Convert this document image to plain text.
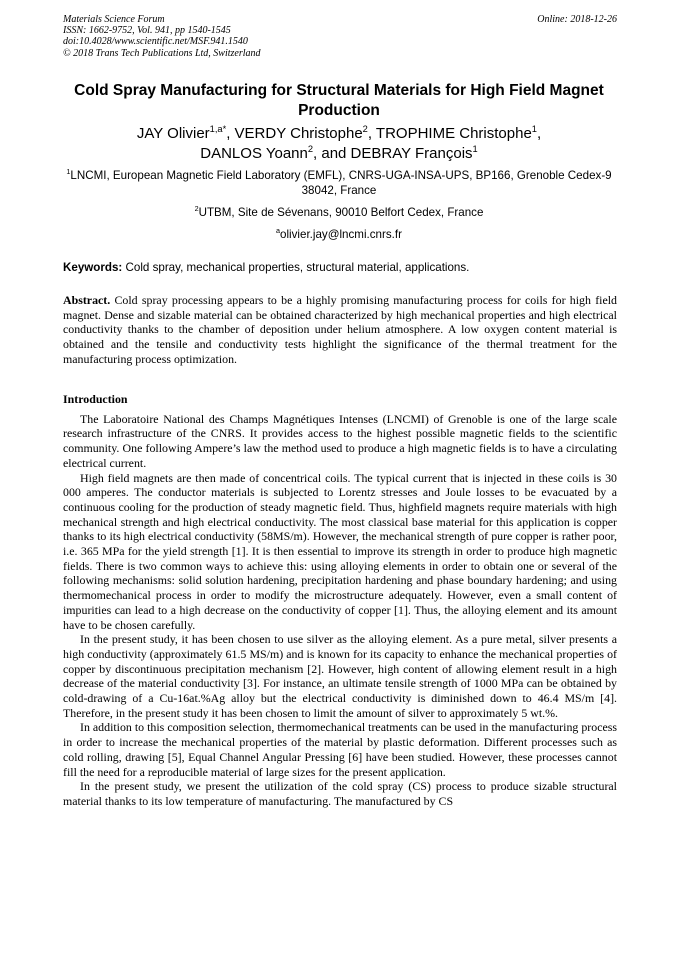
Materials Science Forum
ISSN: 1662-9752, Vol. 941, pp 1540-1545
doi:10.4028/www.scientific.net/MSF.941.1540
© 2018 Trans Tech Publications Ltd, Switzerland
Online: 2018-12-26
Cold Spray Manufacturing for Structural Materials for High Field Magnet Production
JAY Olivier$^{1,a*}$, VERDY Christophe$^2$, TROPHIME Christophe$^1$,
DANLOS Yoann$^2$, and DEBRAY François$^1$
$^1$LNCMI, European Magnetic Field Laboratory (EMFL), CNRS-UGA-INSA-UPS, BP166, Grenoble Cedex-9 38042, France
$^2$UTBM, Site de Sévenans, 90010 Belfort Cedex, France
$^a$olivier.jay@lncmi.cnrs.fr
Keywords: Cold spray, mechanical properties, structural material, applications.
Abstract. Cold spray processing appears to be a highly promising manufacturing process for coils for high field magnet. Dense and sizable material can be obtained characterized by high mechanical properties and high electrical conductivity thanks to the chamber of deposition under helium atmosphere. A low oxygen content material is obtained and the tensile and conductivity tests highlight the significance of the thermal treatment for the manufacturing process optimization.
Introduction

The Laboratoire National des Champs Magnétiques Intenses (LNCMI) of Grenoble is one of the large scale research infrastructure of the CNRS. It provides access to the highest possible magnetic fields to the scientific community. One following Ampere’s law the method used to produce a high magnetic fields is to have a circulating electrical current.

High field magnets are then made of concentrical coils. The typical current that is injected in these coils is 30 000 amperes. The conductor materials is subjected to Lorentz stresses and Joule losses to be evacuated by a continuous cooling for the production of steady magnetic field. Thus, highfield magnets require materials with high mechanical strength and high electrical conductivity. The most classical base material for this application is copper thanks to its high electrical conductivity (58MS/m). However, the mechanical strength of pure copper is rather poor, i.e. 365 MPa for the yield strength [1]. It is then essential to improve its strength in order to produce high magnetic fields. There is two common ways to achieve this: using alloying elements in order to obtain one or several of the following mechanisms: solid solution hardening, precipitation hardening and phase boundary hardening; and using thermomechanical process in order to modify the microstructure adequately. However, even a small content of impurities can lead to a high decrease on the conductivity of copper [1]. Thus, the alloying element and its amount have to be chosen carefully.

In the present study, it has been chosen to use silver as the alloying element. As a pure metal, silver presents a high conductivity (approximately 61.5 MS/m) and is known for its capacity to enhance the mechanical properties of copper by discontinuous precipitation mechanism [2]. However, high content of allowing element result in a high decrease of the material conductivity [3]. For instance, an ultimate tensile strength of 1000 MPa can be obtained by cold-drawing of a Cu-16at.%Ag alloy but the electrical conductivity is diminished down to 46.4 MS/m [4]. Therefore, in the present study it has been chosen to limit the amount of silver to approximately 5 wt.%.

In addition to this composition selection, thermomechanical treatments can be used in the manufacturing process in order to increase the mechanical properties of the material by plastic deformation. Different processes such as cold rolling, drawing [5], Equal Channel Angular Pressing [6] have been studied. However, these processes cannot fill the need for a reproducible material of large sizes for the present application.

In the present study, we present the utilization of the cold spray (CS) process to produce sizable structural material thanks to its low temperature of manufacturing. The manufactured by CS
